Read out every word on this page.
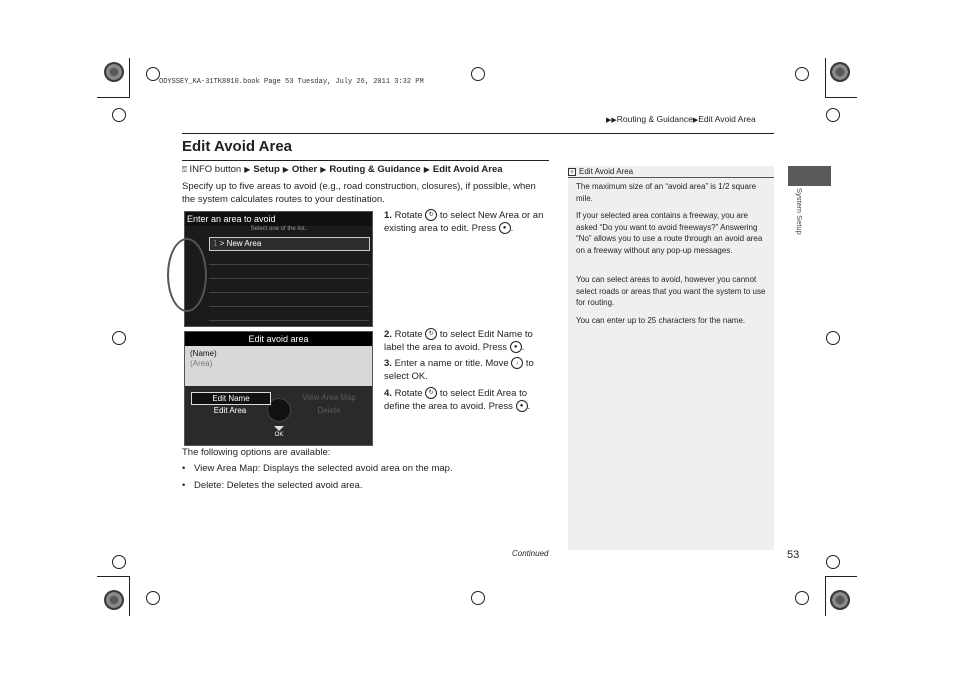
ODYSSEY_KA-31TK8810.book Page 53 Tuesday, July 26, 2011 3:32 PM
▶▶Routing & Guidance▶Edit Avoid Area
Edit Avoid Area
⍔ INFO button ▶ Setup ▶ Other ▶ Routing & Guidance ▶ Edit Avoid Area
Specify up to five areas to avoid (e.g., road construction, closures), if possible, when the system calculates routes to your destination.
Enter an area to avoid
Select one of the list.
1 > New Area
Edit avoid area
(Name)
(Area)
Edit Name
Edit Area
View Area Map
Delete
OK
1. Rotate ↻ to select New Area or an existing area to edit. Press ● .
2. Rotate ↻ to select Edit Name to label the area to avoid. Press ● .
3. Enter a name or title. Move ↓ to select OK.
4. Rotate ↻ to select Edit Area to define the area to avoid. Press ● .
The following options are available:
• View Area Map: Displays the selected avoid area on the map.
• Delete: Deletes the selected avoid area.
» Edit Avoid Area
The maximum size of an “avoid area” is 1/2 square mile.
If your selected area contains a freeway, you are asked “Do you want to avoid freeways?” Answering “No” allows you to use a route through an avoid area on a freeway without any pop-up messages.
You can select areas to avoid, however you cannot select roads or areas that you want the system to use for routing.
You can enter up to 25 characters for the name.
System Setup
Continued	53
